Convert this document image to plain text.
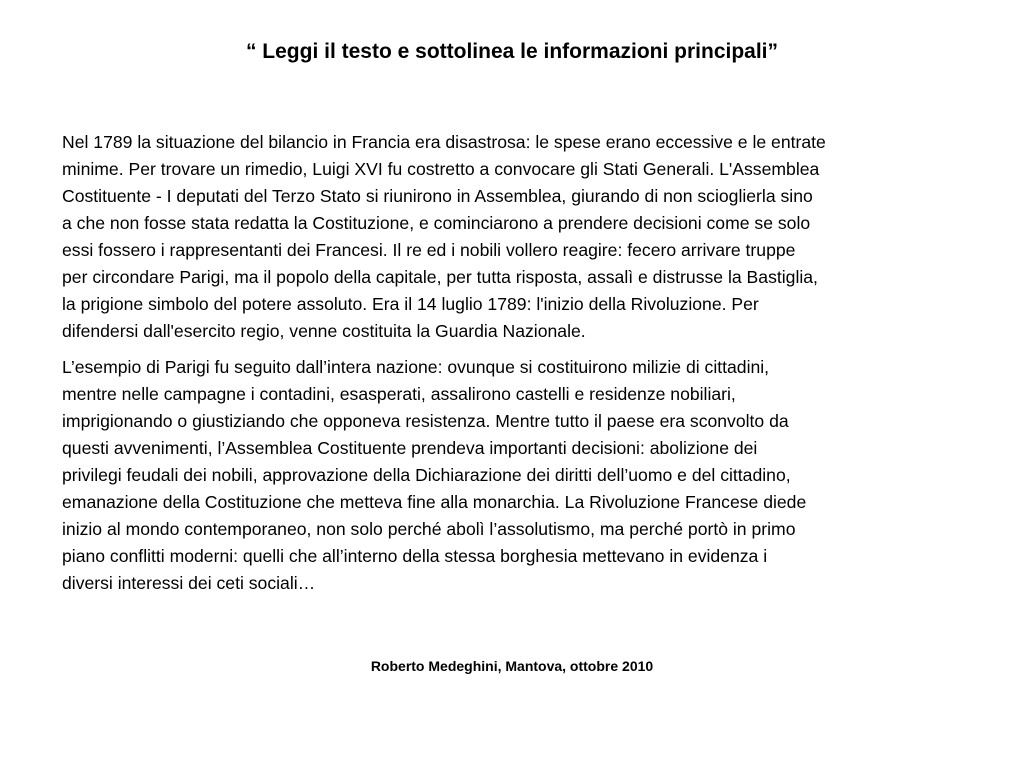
“ Leggi il testo e sottolinea le informazioni principali”

Nel 1789 la situazione del bilancio in Francia era disastrosa: le spese erano eccessive e le entrate
minime. Per trovare un rimedio, Luigi XVI fu costretto a convocare gli Stati Generali. L'Assemblea
Costituente - I deputati del Terzo Stato si riunirono in Assemblea, giurando di non scioglierla sino
a che non fosse stata redatta la Costituzione, e cominciarono a prendere decisioni come se solo
essi fossero i rappresentanti dei Francesi. Il re ed i nobili vollero reagire: fecero arrivare truppe
per circondare Parigi, ma il popolo della capitale, per tutta risposta, assalì e distrusse la Bastiglia,
la prigione simbolo del potere assoluto. Era il 14 luglio 1789: l'inizio della Rivoluzione. Per
difendersi dall'esercito regio, venne costituita la Guardia Nazionale.

L’esempio di Parigi fu seguito dall’intera nazione: ovunque si costituirono milizie di cittadini,
mentre nelle campagne i contadini, esasperati, assalirono castelli e residenze nobiliari,
imprigionando o giustiziando che opponeva resistenza. Mentre tutto il paese era sconvolto da
questi avvenimenti, l’Assemblea Costituente prendeva importanti decisioni: abolizione dei
privilegi feudali dei nobili, approvazione della Dichiarazione dei diritti dell’uomo e del cittadino,
emanazione della Costituzione che metteva fine alla monarchia. La Rivoluzione Francese diede
inizio al mondo contemporaneo, non solo perché abolì l’assolutismo, ma perché portò in primo
piano conflitti moderni: quelli che all’interno della stessa borghesia mettevano in evidenza i
diversi interessi dei ceti sociali…

Roberto Medeghini, Mantova, ottobre 2010
